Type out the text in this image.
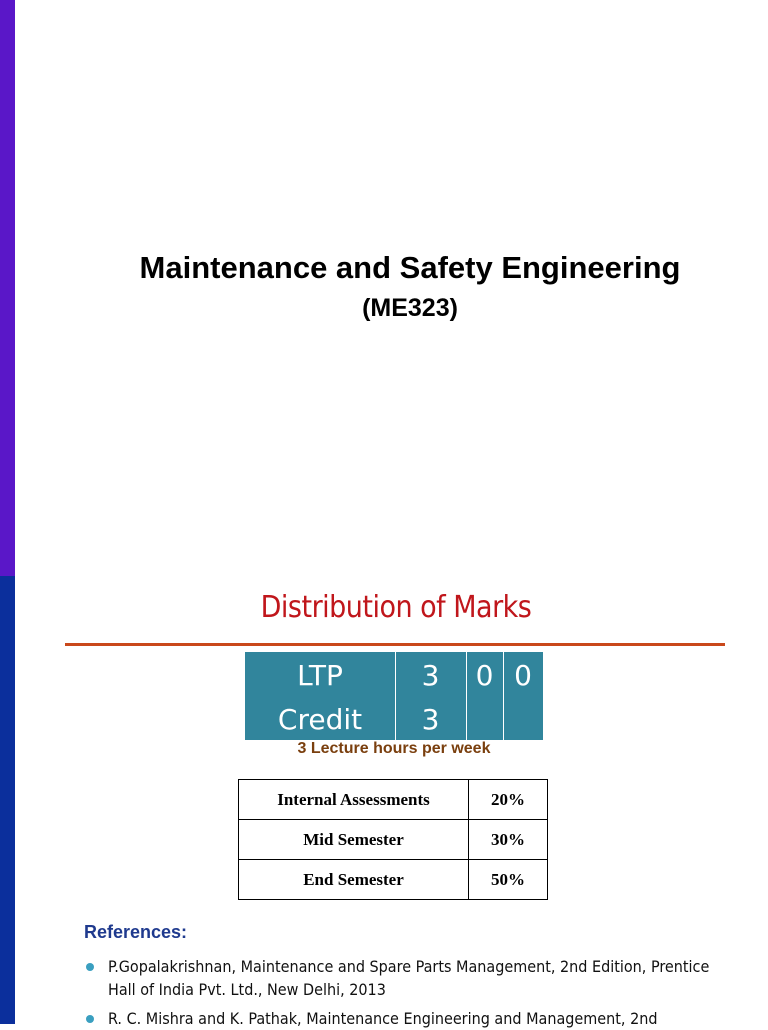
Maintenance and Safety Engineering
(ME323)
Distribution of Marks
LTP	3	0 0
Credit	3
3 Lecture hours per week
Internal Assessments	20%
Mid Semester	30%
End Semester	50%
References:
P.Gopalakrishnan, Maintenance and Spare Parts Management, 2nd Edition, Prentice Hall of India Pvt. Ltd., New Delhi, 2013
R. C. Mishra and K. Pathak, Maintenance Engineering and Management, 2nd
